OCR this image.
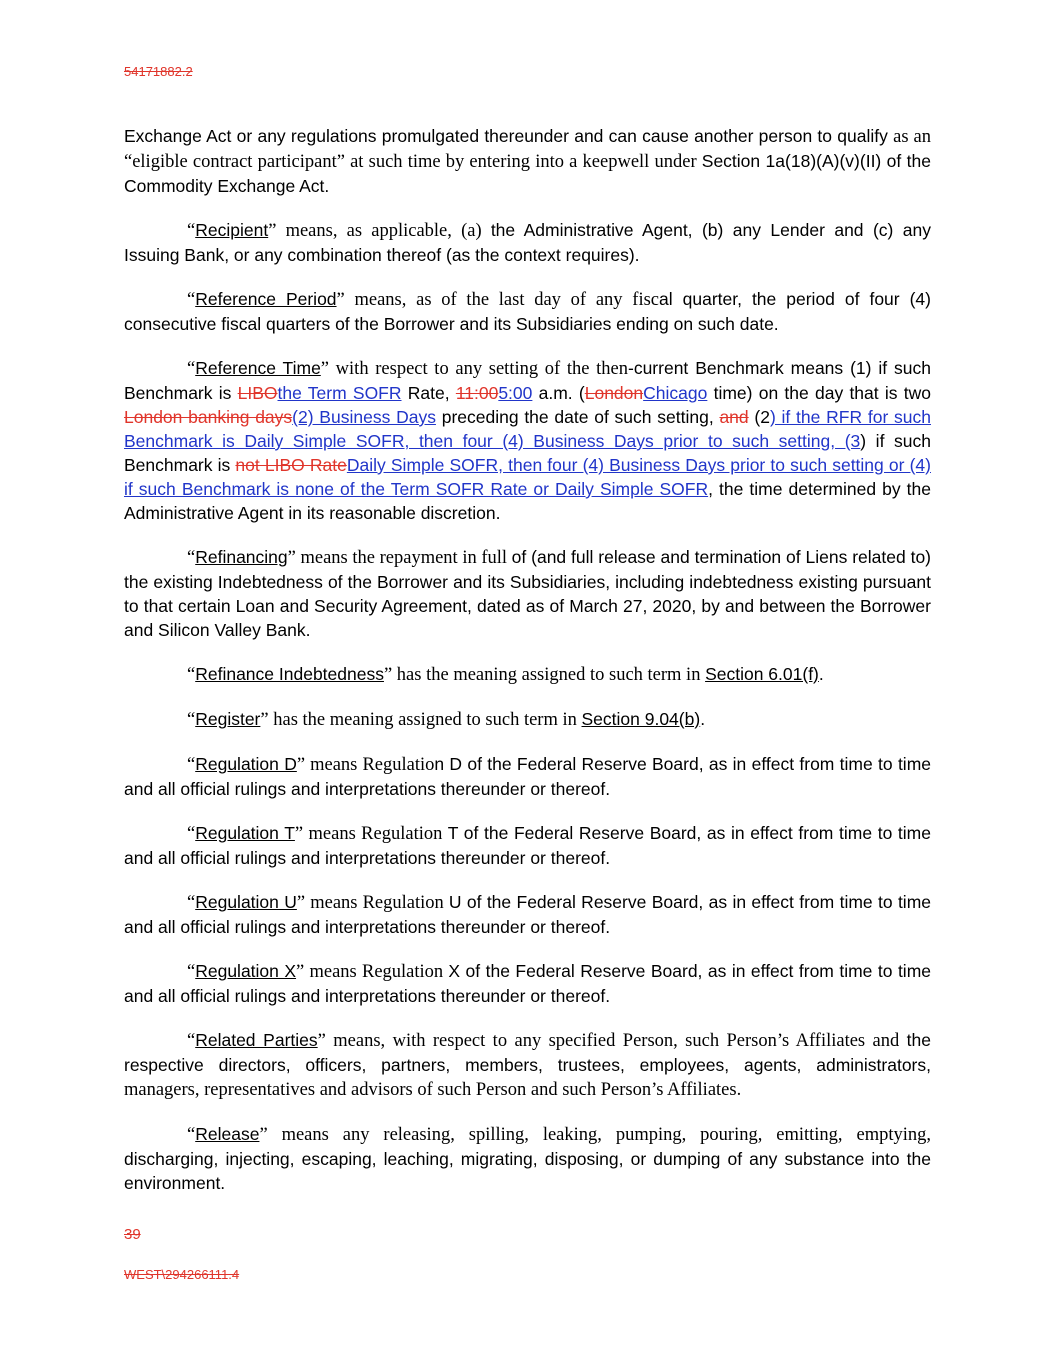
54171882.2

Exchange Act or any regulations promulgated thereunder and can cause another person to qualify as an “eligible contract participant” at such time by entering into a keepwell under Section 1a(18)(A)(v)(II) of the Commodity Exchange Act.

“Recipient” means, as applicable, (a) the Administrative Agent, (b) any Lender and (c) any Issuing Bank, or any combination thereof (as the context requires).

“Reference Period” means, as of the last day of any fiscal quarter, the period of four (4) consecutive fiscal quarters of the Borrower and its Subsidiaries ending on such date.

“Reference Time” with respect to any setting of the then-current Benchmark means (1) if such Benchmark is LIBOthe Term SOFR Rate, 11:005:00 a.m. (LondonChicago time) on the day that is two London banking days(2) Business Days preceding the date of such setting, and (2) if the RFR for such Benchmark is Daily Simple SOFR, then four (4) Business Days prior to such setting, (3) if such Benchmark is not LIBO RateDaily Simple SOFR, then four (4) Business Days prior to such setting or (4) if such Benchmark is none of the Term SOFR Rate or Daily Simple SOFR, the time determined by the Administrative Agent in its reasonable discretion.

“Refinancing” means the repayment in full of (and full release and termination of Liens related to) the existing Indebtedness of the Borrower and its Subsidiaries, including indebtedness existing pursuant to that certain Loan and Security Agreement, dated as of March 27, 2020, by and between the Borrower and Silicon Valley Bank.

“Refinance Indebtedness” has the meaning assigned to such term in Section 6.01(f).

“Register” has the meaning assigned to such term in Section 9.04(b).

“Regulation D” means Regulation D of the Federal Reserve Board, as in effect from time to time and all official rulings and interpretations thereunder or thereof.

“Regulation T” means Regulation T of the Federal Reserve Board, as in effect from time to time and all official rulings and interpretations thereunder or thereof.

“Regulation U” means Regulation U of the Federal Reserve Board, as in effect from time to time and all official rulings and interpretations thereunder or thereof.

“Regulation X” means Regulation X of the Federal Reserve Board, as in effect from time to time and all official rulings and interpretations thereunder or thereof.

“Related Parties” means, with respect to any specified Person, such Person’s Affiliates and the respective directors, officers, partners, members, trustees, employees, agents, administrators, managers, representatives and advisors of such Person and such Person’s Affiliates.

“Release” means any releasing, spilling, leaking, pumping, pouring, emitting, emptying, discharging, injecting, escaping, leaching, migrating, disposing, or dumping of any substance into the environment.

39
WEST\294266111.4
